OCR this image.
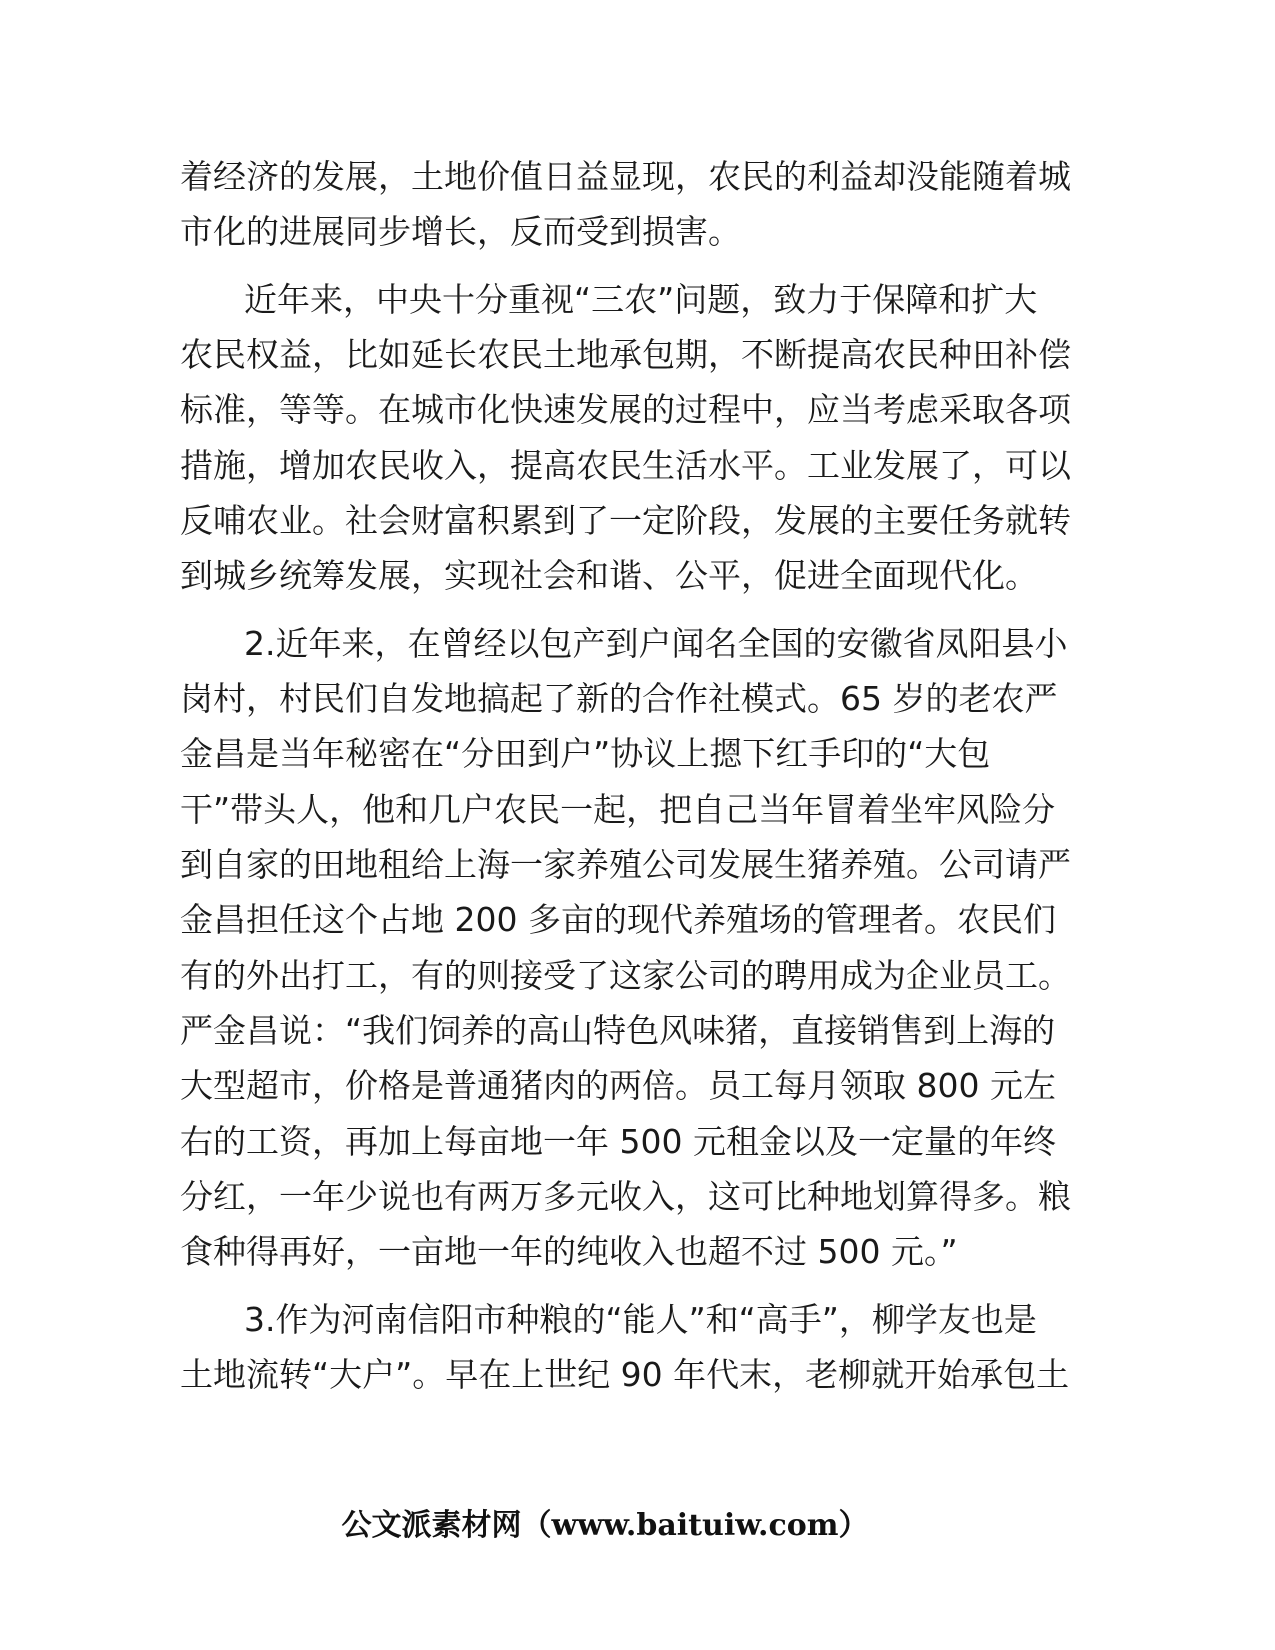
着经济的发展，土地价值日益显现，农民的利益却没能随着城
市化的进展同步增长，反而受到损害。
近年来，中央十分重视“三农”问题，致力于保障和扩大
农民权益，比如延长农民土地承包期，不断提高农民种田补偿
标准，等等。在城市化快速发展的过程中，应当考虑采取各项
措施，增加农民收入，提高农民生活水平。工业发展了，可以
反哺农业。社会财富积累到了一定阶段，发展的主要任务就转
到城乡统筹发展，实现社会和谐、公平，促进全面现代化。
2.近年来，在曾经以包产到户闻名全国的安徽省凤阳县小
岗村，村民们自发地搞起了新的合作社模式。65 岁的老农严
金昌是当年秘密在“分田到户”协议上摁下红手印的“大包
干”带头人，他和几户农民一起，把自己当年冒着坐牢风险分
到自家的田地租给上海一家养殖公司发展生猪养殖。公司请严
金昌担任这个占地 200 多亩的现代养殖场的管理者。农民们
有的外出打工，有的则接受了这家公司的聘用成为企业员工。
严金昌说：“我们饲养的高山特色风味猪，直接销售到上海的
大型超市，价格是普通猪肉的两倍。员工每月领取 800 元左
右的工资，再加上每亩地一年 500 元租金以及一定量的年终
分红，一年少说也有两万多元收入，这可比种地划算得多。粮
食种得再好，一亩地一年的纯收入也超不过 500 元。”
3.作为河南信阳市种粮的“能人”和“高手”，柳学友也是
土地流转“大户”。早在上世纪 90 年代末，老柳就开始承包土
公文派素材网（www.baituiw.com）
